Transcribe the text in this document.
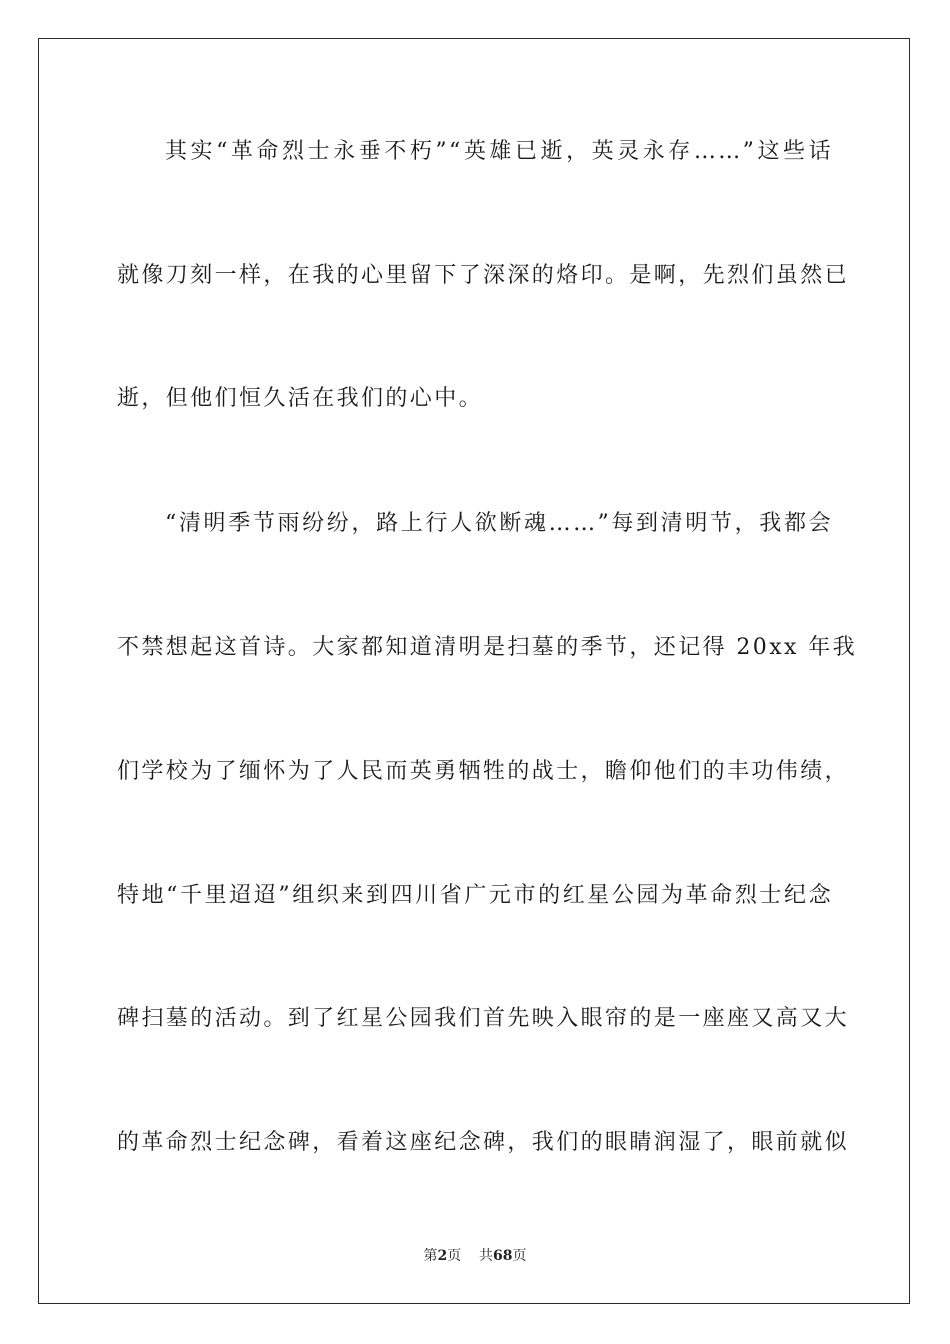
其实“革命烈士永垂不朽”“英雄已逝，英灵永存……”这些话
就像刀刻一样，在我的心里留下了深深的烙印。是啊，先烈们虽然已
逝，但他们恒久活在我们的心中。
“清明季节雨纷纷，路上行人欲断魂……”每到清明节，我都会
不禁想起这首诗。大家都知道清明是扫墓的季节，还记得 20xx 年我
们学校为了缅怀为了人民而英勇牺牲的战士，瞻仰他们的丰功伟绩，
特地“千里迢迢”组织来到四川省广元市的红星公园为革命烈士纪念
碑扫墓的活动。到了红星公园我们首先映入眼帘的是一座座又高又大
的革命烈士纪念碑，看着这座纪念碑，我们的眼睛润湿了，眼前就似
第2页 共68页
